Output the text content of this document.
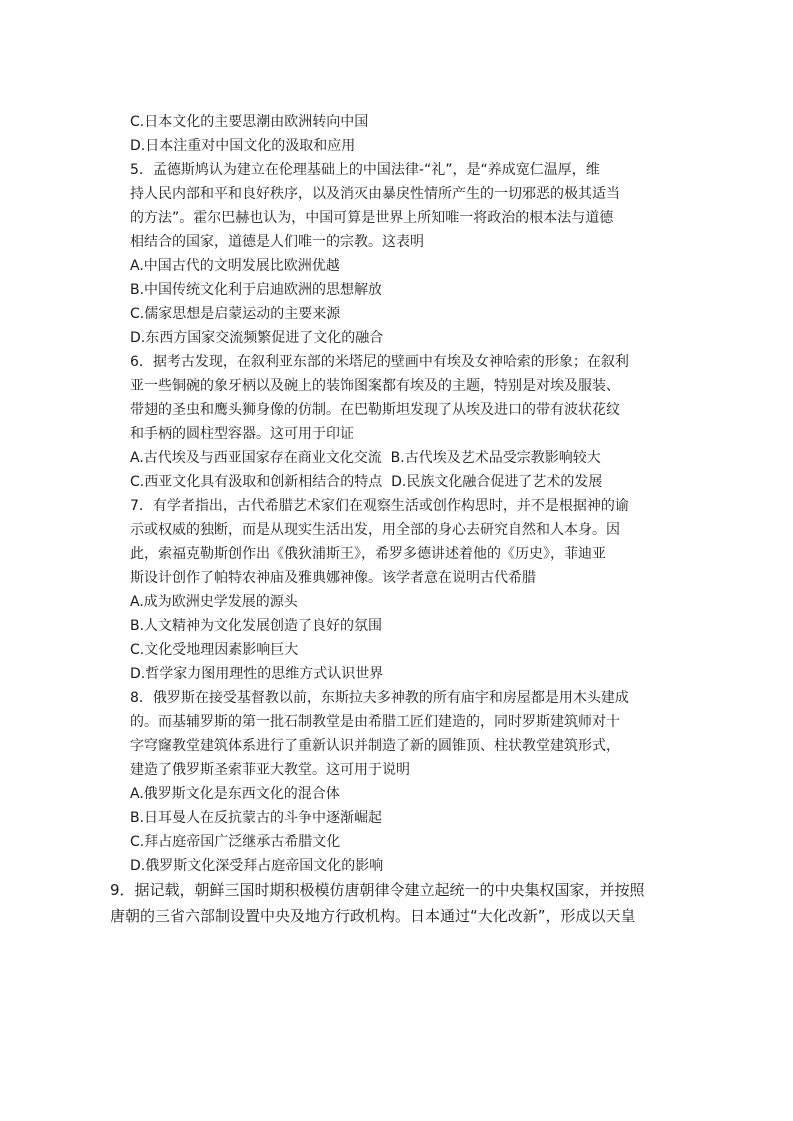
C.日本文化的主要思潮由欧洲转向中国
D.日本注重对中国文化的汲取和应用
5．孟德斯鸠认为建立在伦理基础上的中国法律-“礼”，是“养成宽仁温厚，维
持人民内部和平和良好秩序，以及消灭由暴戾性情所产生的一切邪恶的极其适当
的方法”。霍尔巴赫也认为，中国可算是世界上所知唯一将政治的根本法与道德
相结合的国家，道德是人们唯一的宗教。这表明
A.中国古代的文明发展比欧洲优越
B.中国传统文化利于启迪欧洲的思想解放
C.儒家思想是启蒙运动的主要来源
D.东西方国家交流频繁促进了文化的融合
6．据考古发现，在叙利亚东部的米塔尼的壁画中有埃及女神哈索的形象；在叙利
亚一些铜碗的象牙柄以及碗上的装饰图案都有埃及的主题，特别是对埃及服装、
带翅的圣虫和鹰头狮身像的仿制。在巴勒斯坦发现了从埃及进口的带有波状花纹
和手柄的圆柱型容器。这可用于印证
A.古代埃及与西亚国家存在商业文化交流  B.古代埃及艺术品受宗教影响较大
C.西亚文化具有汲取和创新相结合的特点  D.民族文化融合促进了艺术的发展
7．有学者指出，古代希腊艺术家们在观察生活或创作构思时，并不是根据神的谕
示或权威的独断，而是从现实生活出发，用全部的身心去研究自然和人本身。因
此，索福克勒斯创作出《俄狄浦斯王》，希罗多德讲述着他的《历史》，菲迪亚
斯设计创作了帕特农神庙及雅典娜神像。该学者意在说明古代希腊
A.成为欧洲史学发展的源头
B.人文精神为文化发展创造了良好的氛围
C.文化受地理因素影响巨大
D.哲学家力图用理性的思维方式认识世界
8．俄罗斯在接受基督教以前，东斯拉夫多神教的所有庙宇和房屋都是用木头建成
的。而基辅罗斯的第一批石制教堂是由希腊工匠们建造的，同时罗斯建筑师对十
字穹窿教堂建筑体系进行了重新认识并制造了新的圆锥顶、柱状教堂建筑形式，
建造了俄罗斯圣索菲亚大教堂。这可用于说明
A.俄罗斯文化是东西文化的混合体
B.日耳曼人在反抗蒙古的斗争中逐渐崛起
C.拜占庭帝国广泛继承古希腊文化
D.俄罗斯文化深受拜占庭帝国文化的影响
9．据记载，朝鲜三国时期积极模仿唐朝律令建立起统一的中央集权国家，并按照
唐朝的三省六部制设置中央及地方行政机构。日本通过“大化改新”，形成以天皇
